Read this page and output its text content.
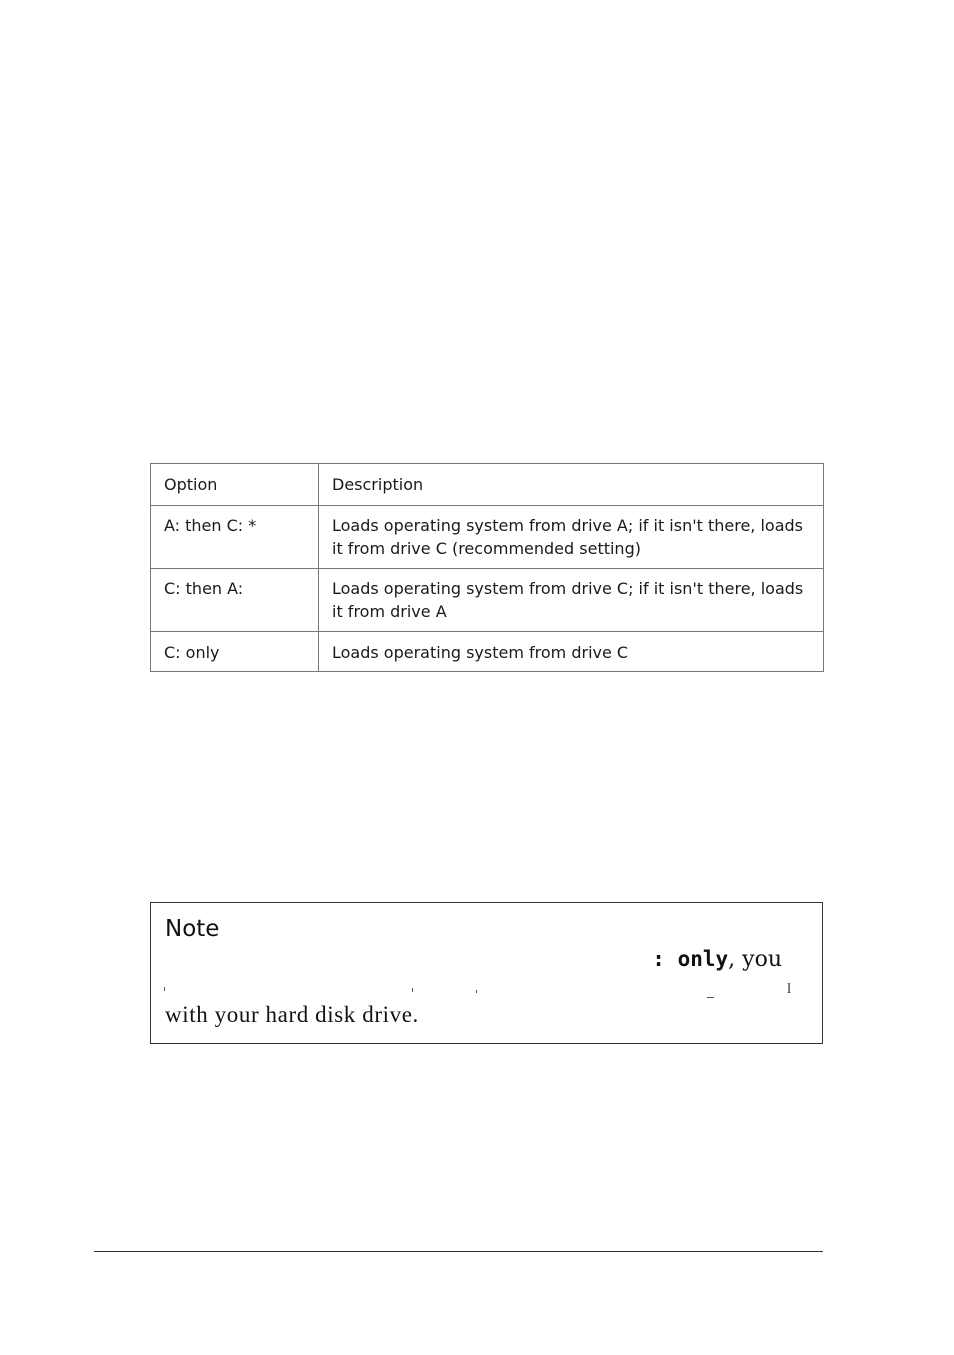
Option	Description
A: then C: *	Loads operating system from drive A; if it isn't there, loads it from drive C (recommended setting)
C: then A:	Loads operating system from drive C; if it isn't there, loads it from drive A
C: only	Loads operating system from drive C
Note
: only, you
l
with your hard disk drive.
